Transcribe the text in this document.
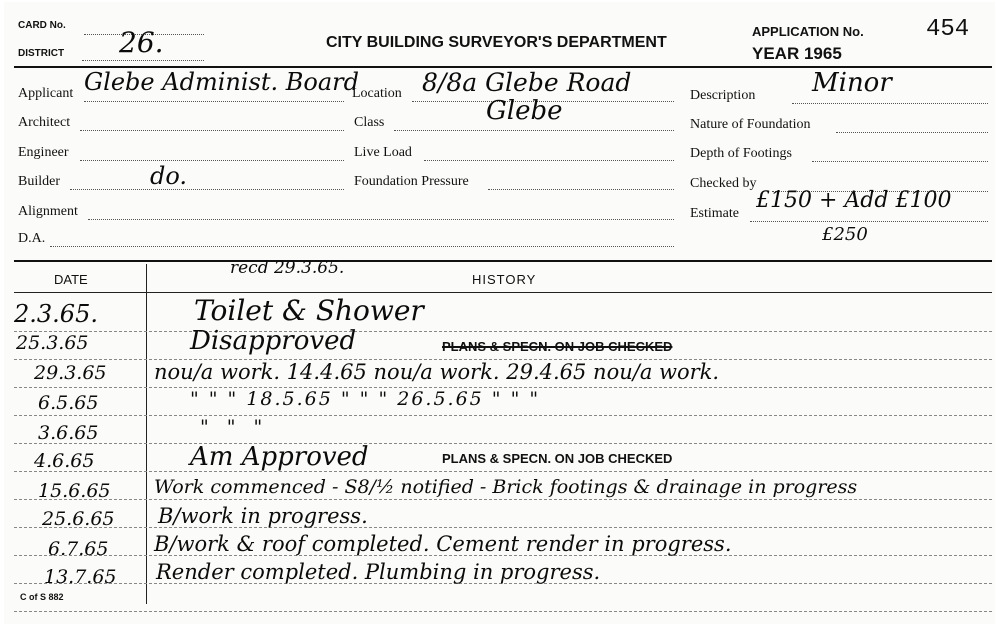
CARD No.
DISTRICT 26.	CITY BUILDING SURVEYOR'S DEPARTMENT
APPLICATION No.	454
YEAR 1965
Applicant Glebe Administ. Board
Architect
Engineer
Builder	do.
Alignment
D.A.
Location 8/8a Glebe Road
Glebe
Class
Live Load
Foundation Pressure
Description Minor
Nature of Foundation
Depth of Footings
Checked by
Estimate
£150 + Add £100
£250
DATE	HISTORY
recd 29.3.65.
2.3.65.	Toilet & Shower
25.3.65	Disapproved	PLANS & SPECN. ON JOB CHECKED
29.3.65 nou/a work. 14.4.65 nou/a work. 29.4.65 nou/a work.
6.5.65	" " " 18.5.65 " " " 26.5.65 " " "
3.6.65	" " "
4.6.65	Am Approved	PLANS & SPECN. ON JOB CHECKED
15.6.65 Work commenced - S8/½ notified - Brick footings & drainage in progress
25.6.65 B/work in progress.
6.7.65 B/work & roof completed. Cement render in progress.
13.7.65 Render completed. Plumbing in progress.
C of S 882
